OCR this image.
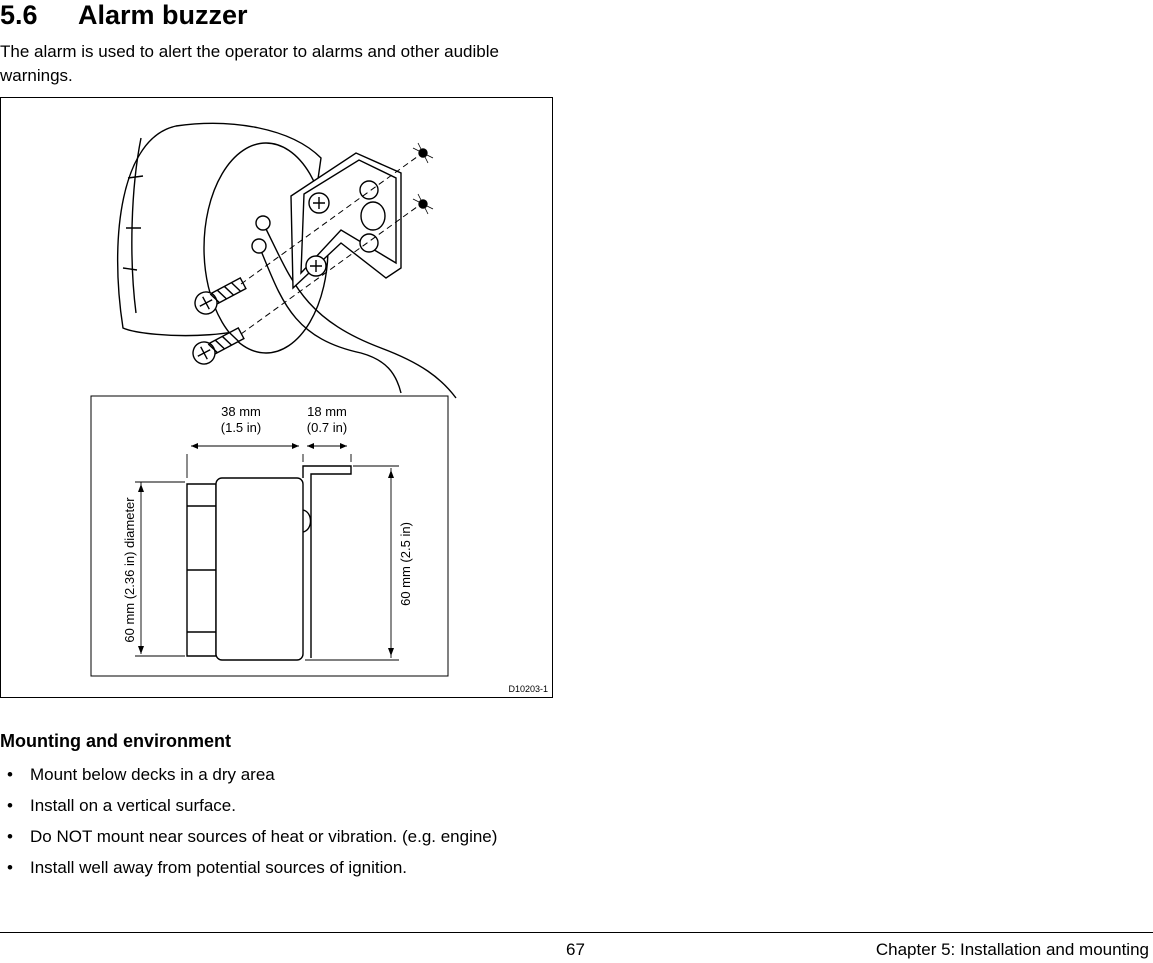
5.6 Alarm buzzer

The alarm is used to alert the operator to alarms and other audible warnings.

38 mm
(1.5 in)
18 mm
(0.7 in)
60 mm (2.36 in) diameter	60 mm (2.5 in)
D10203-1
Mounting and environment
• Mount below decks in a dry area
• Install on a vertical surface.
• Do NOT mount near sources of heat or vibration. (e.g. engine)
• Install well away from potential sources of ignition.
67	Chapter 5: Installation and mounting
